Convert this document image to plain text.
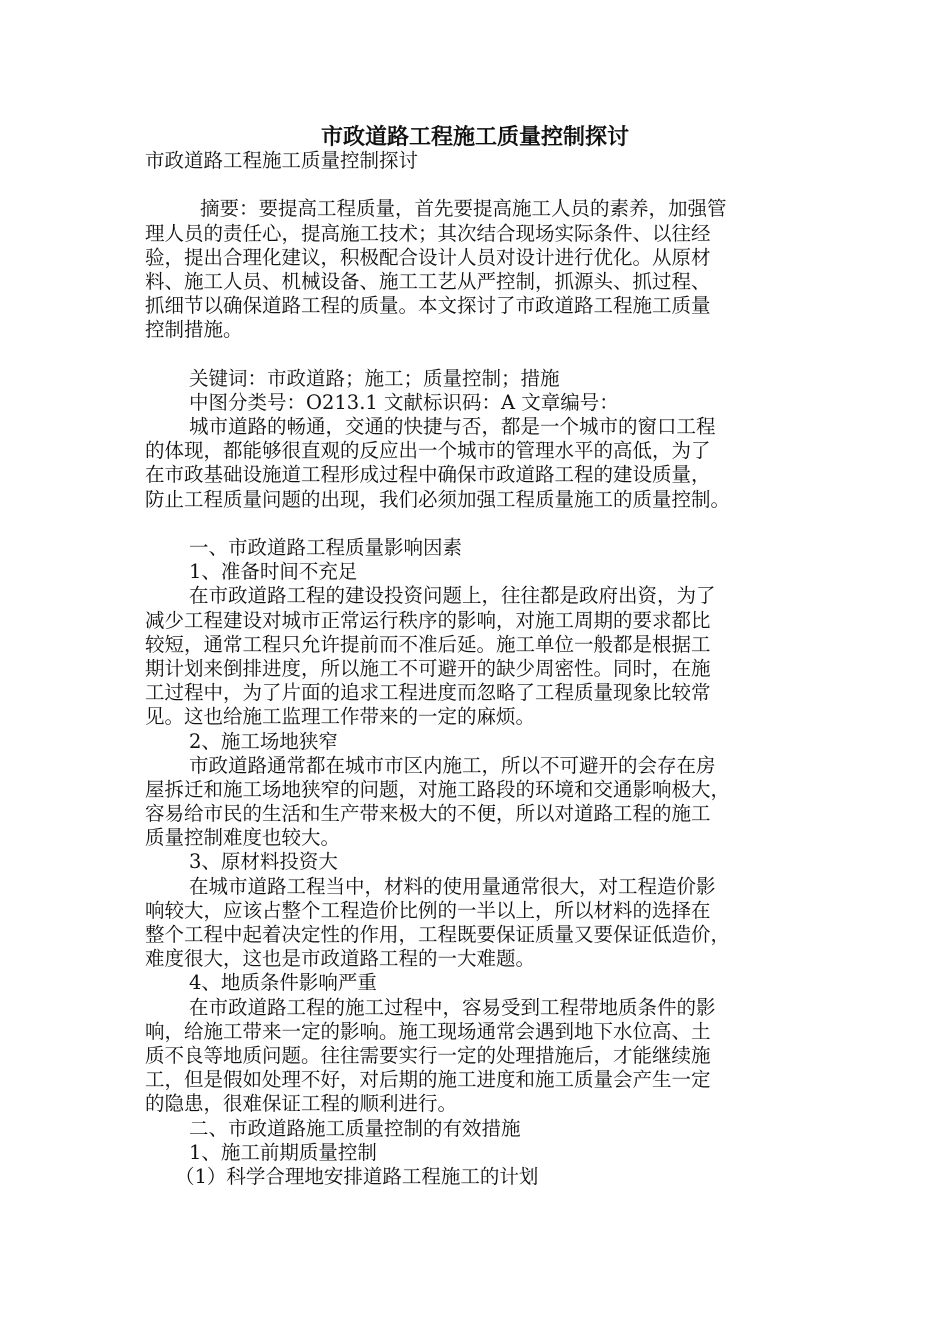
市政道路工程施工质量控制探讨
市政道路工程施工质量控制探讨
摘要：要提高工程质量，首先要提高施工人员的素养，加强管
理人员的责任心，提高施工技术；其次结合现场实际条件、以往经
验，提出合理化建议，积极配合设计人员对设计进行优化。从原材
料、施工人员、机械设备、施工工艺从严控制，抓源头、抓过程、
抓细节以确保道路工程的质量。本文探讨了市政道路工程施工质量
控制措施。
关键词：市政道路；施工；质量控制；措施
中图分类号：O213.1 文献标识码：A 文章编号：
城市道路的畅通，交通的快捷与否，都是一个城市的窗口工程
的体现，都能够很直观的反应出一个城市的管理水平的高低，为了
在市政基础设施道工程形成过程中确保市政道路工程的建设质量，
防止工程质量问题的出现，我们必须加强工程质量施工的质量控制。
一、市政道路工程质量影响因素
1、准备时间不充足
在市政道路工程的建设投资问题上，往往都是政府出资，为了
减少工程建设对城市正常运行秩序的影响，对施工周期的要求都比
较短，通常工程只允许提前而不准后延。施工单位一般都是根据工
期计划来倒排进度，所以施工不可避开的缺少周密性。同时，在施
工过程中，为了片面的追求工程进度而忽略了工程质量现象比较常
见。这也给施工监理工作带来的一定的麻烦。
2、施工场地狭窄
市政道路通常都在城市市区内施工，所以不可避开的会存在房
屋拆迁和施工场地狭窄的问题，对施工路段的环境和交通影响极大，
容易给市民的生活和生产带来极大的不便，所以对道路工程的施工
质量控制难度也较大。
3、原材料投资大
在城市道路工程当中，材料的使用量通常很大，对工程造价影
响较大，应该占整个工程造价比例的一半以上，所以材料的选择在
整个工程中起着决定性的作用，工程既要保证质量又要保证低造价，
难度很大，这也是市政道路工程的一大难题。
4、地质条件影响严重
在市政道路工程的施工过程中，容易受到工程带地质条件的影
响，给施工带来一定的影响。施工现场通常会遇到地下水位高、土
质不良等地质问题。往往需要实行一定的处理措施后，才能继续施
工，但是假如处理不好，对后期的施工进度和施工质量会产生一定
的隐患，很难保证工程的顺利进行。
二、市政道路施工质量控制的有效措施
1、施工前期质量控制
（1）科学合理地安排道路工程施工的计划
